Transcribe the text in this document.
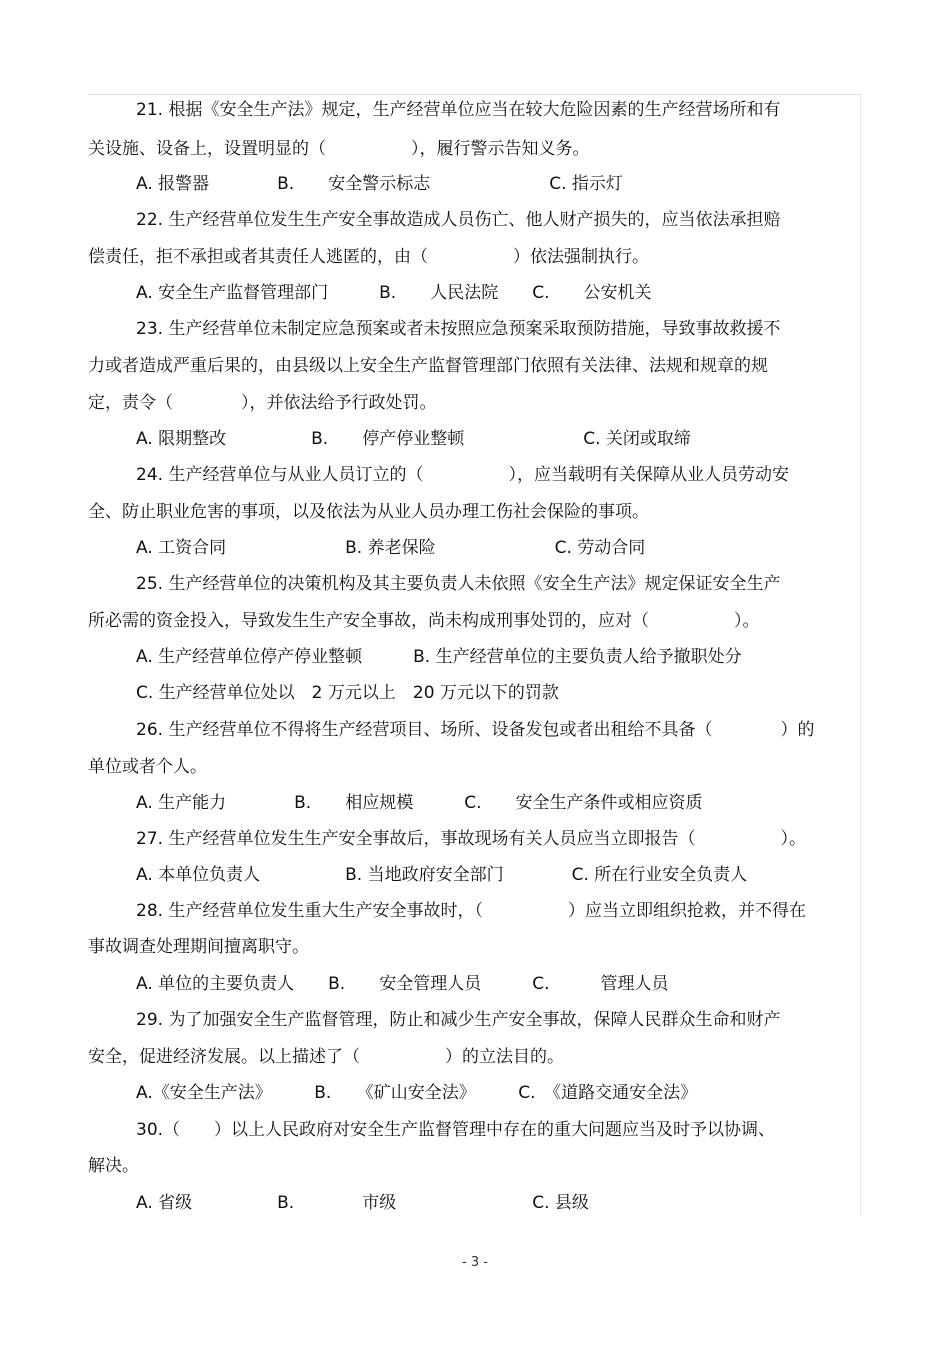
21. 根据《安全生产法》规定，生产经营单位应当在较大危险因素的生产经营场所和有
关设施、设备上，设置明显的（　　　　　），履行警示告知义务。
A. 报警器　　　　B.　　安全警示标志　　　　　　　C. 指示灯
22. 生产经营单位发生生产安全事故造成人员伤亡、他人财产损失的，应当依法承担赔
偿责任，拒不承担或者其责任人逃匿的，由（　　　　　）依法强制执行。
A. 安全生产监督管理部门　　　B.　　人民法院　　C.　　公安机关
23. 生产经营单位未制定应急预案或者未按照应急预案采取预防措施，导致事故救援不
力或者造成严重后果的，由县级以上安全生产监督管理部门依照有关法律、法规和规章的规
定，责令（　　　　），并依法给予行政处罚。
A. 限期整改　　　　　B.　　停产停业整顿　　　　　　　C. 关闭或取缔
24. 生产经营单位与从业人员订立的（　　　　　），应当载明有关保障从业人员劳动安
全、防止职业危害的事项，以及依法为从业人员办理工伤社会保险的事项。
A. 工资合同　　　　　　　B. 养老保险　　　　　　　C. 劳动合同
25. 生产经营单位的决策机构及其主要负责人未依照《安全生产法》规定保证安全生产
所必需的资金投入，导致发生生产安全事故，尚未构成刑事处罚的，应对（　　　　　）。
A. 生产经营单位停产停业整顿　　　B. 生产经营单位的主要负责人给予撤职处分
C. 生产经营单位处以　2 万元以上　20 万元以下的罚款
26. 生产经营单位不得将生产经营项目、场所、设备发包或者出租给不具备（　　　　）的
单位或者个人。
A. 生产能力　　　　B.　　相应规模　　　C.　　安全生产条件或相应资质
27. 生产经营单位发生生产安全事故后，事故现场有关人员应当立即报告（　　　　　）。
A. 本单位负责人　　　　　B. 当地政府安全部门　　　　C. 所在行业安全负责人
28. 生产经营单位发生重大生产安全事故时，（　　　　　）应当立即组织抢救，并不得在
事故调查处理期间擅离职守。
A. 单位的主要负责人　　B.　　安全管理人员　　　C.　　　管理人员
29. 为了加强安全生产监督管理，防止和减少生产安全事故，保障人民群众生命和财产
安全，促进经济发展。以上描述了（　　　　　）的立法目的。
A.《安全生产法》　　　B.　　《矿山安全法》　　　C.　《道路交通安全法》
30.（　　）以上人民政府对安全生产监督管理中存在的重大问题应当及时予以协调、
解决。
A. 省级　　　　　B.　　　　市级　　　　　　　　C. 县级
- 3 -
